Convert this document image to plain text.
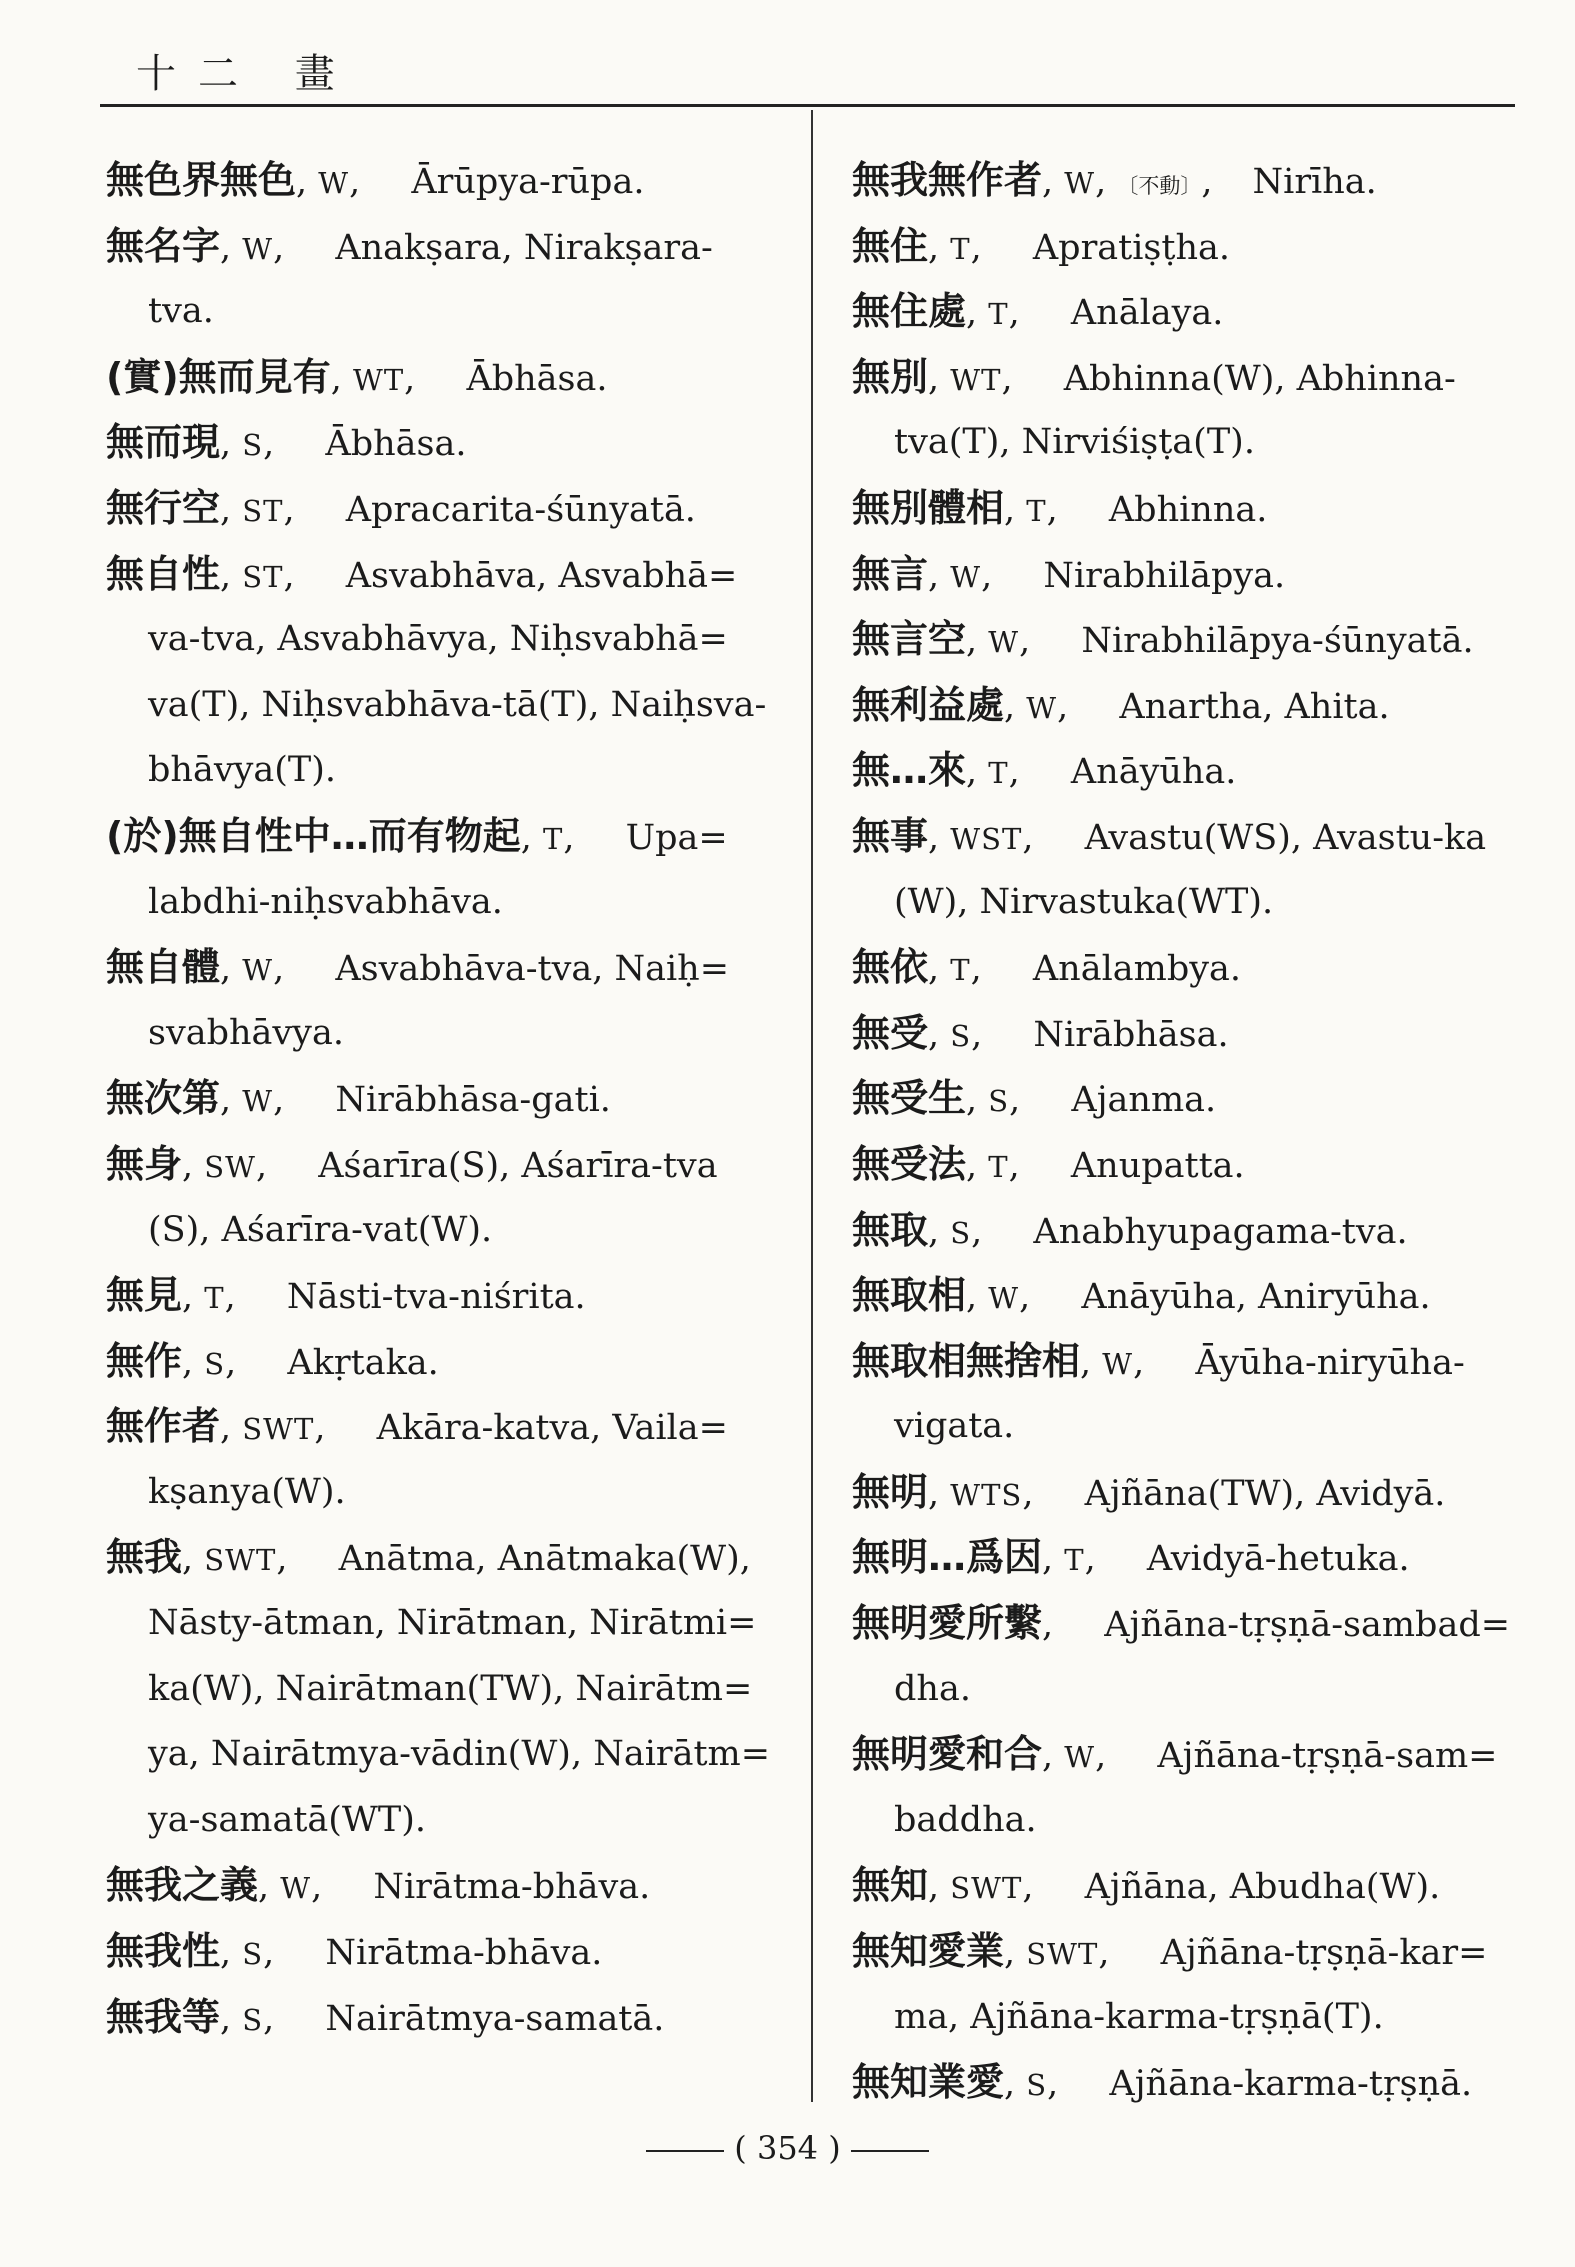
十二 畫
無色界無色, W, Ārūpya-rūpa.
無名字, W, Anakṣara, Nirakṣara-
tva.
(實)無而見有, WT, Ābhāsa.
無而現, S, Ābhāsa.
無行空, ST, Apracarita-śūnyatā.
無自性, ST, Asvabhāva, Asvabhā=
va-tva, Asvabhāvya, Niḥsvabhā=
va(T), Niḥsvabhāva-tā(T), Naiḥsva-
bhāvya(T).
(於)無自性中…而有物起, T, Upa=
labdhi-niḥsvabhāva.
無自體, W, Asvabhāva-tva, Naiḥ=
svabhāvya.
無次第, W, Nirābhāsa-gati.
無身, SW, Aśarīra(S), Aśarīra-tva
(S), Aśarīra-vat(W).
無見, T, Nāsti-tva-niśrita.
無作, S, Akṛtaka.
無作者, SWT, Akāra-katva, Vaila=
kṣanya(W).
無我, SWT, Anātma, Anātmaka(W),
Nāsty-ātman, Nirātman, Nirātmi=
ka(W), Nairātman(TW), Nairātm=
ya, Nairātmya-vādin(W), Nairātm=
ya-samatā(WT).
無我之義, W, Nirātma-bhāva.
無我性, S, Nirātma-bhāva.
無我等, S, Nairātmya-samatā.
無我無作者, W, 〔不動〕, Nirīha.
無住, T, Apratiṣṭha.
無住處, T, Anālaya.
無別, WT, Abhinna(W), Abhinna-
tva(T), Nirviśiṣṭa(T).
無別體相, T, Abhinna.
無言, W, Nirabhilāpya.
無言空, W, Nirabhilāpya-śūnyatā.
無利益處, W, Anartha, Ahita.
無…來, T, Anāyūha.
無事, WST, Avastu(WS), Avastu-ka
(W), Nirvastuka(WT).
無依, T, Anālambya.
無受, S, Nirābhāsa.
無受生, S, Ajanma.
無受法, T, Anupatta.
無取, S, Anabhyupagama-tva.
無取相, W, Anāyūha, Aniryūha.
無取相無捨相, W, Āyūha-niryūha-
vigata.
無明, WTS, Ajñāna(TW), Avidyā.
無明…爲因, T, Avidyā-hetuka.
無明愛所繫, Ajñāna-tṛṣṇā-sambad=
dha.
無明愛和合, W, Ajñāna-tṛṣṇā-sam=
baddha.
無知, SWT, Ajñāna, Abudha(W).
無知愛業, SWT, Ajñāna-tṛṣṇā-kar=
ma, Ajñāna-karma-tṛṣṇā(T).
無知業愛, S, Ajñāna-karma-tṛṣṇā.
( 354 )
